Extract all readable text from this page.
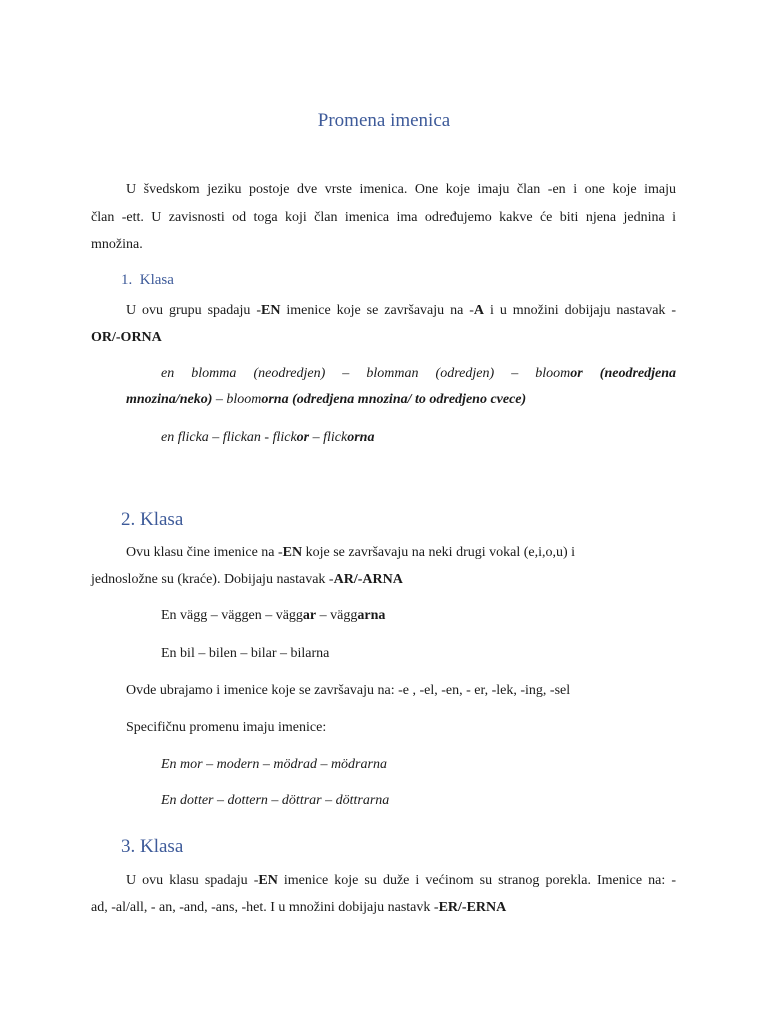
Promena imenica
U švedskom jeziku postoje dve vrste imenica. One koje imaju član -en i one koje imaju
član -ett. U zavisnosti od toga koji član imenica ima određujemo kakve će biti njena jednina i
množina.
1. Klasa
U ovu grupu spadaju -EN imenice koje se završavaju na -A i u množini dobijaju nastavak -
OR/-ORNA
en blomma (neodredjen) – blomman (odredjen) – bloomor (neodredjena
mnozina/neko) – bloomorna (odredjena mnozina/ to odredjeno cvece)
en flicka – flickan - flickor – flickorna
2. Klasa
Ovu klasu čine imenice na -EN koje se završavaju na neki drugi vokal (e,i,o,u) i
jednosložne su (kraće). Dobijaju nastavak -AR/-ARNA
En vägg – väggen – väggar – väggarna
En bil – bilen – bilar – bilarna
Ovde ubrajamo i imenice koje se završavaju na: -e , -el, -en, - er, -lek, -ing, -sel
Specifičnu promenu imaju imenice:
En mor – modern – mödrad – mödrarna
En dotter – dottern – döttrar – döttrarna
3. Klasa
U ovu klasu spadaju -EN imenice koje su duže i većinom su stranog porekla. Imenice na: -
ad, -al/all, - an, -and, -ans, -het. I u množini dobijaju nastavk -ER/-ERNA
